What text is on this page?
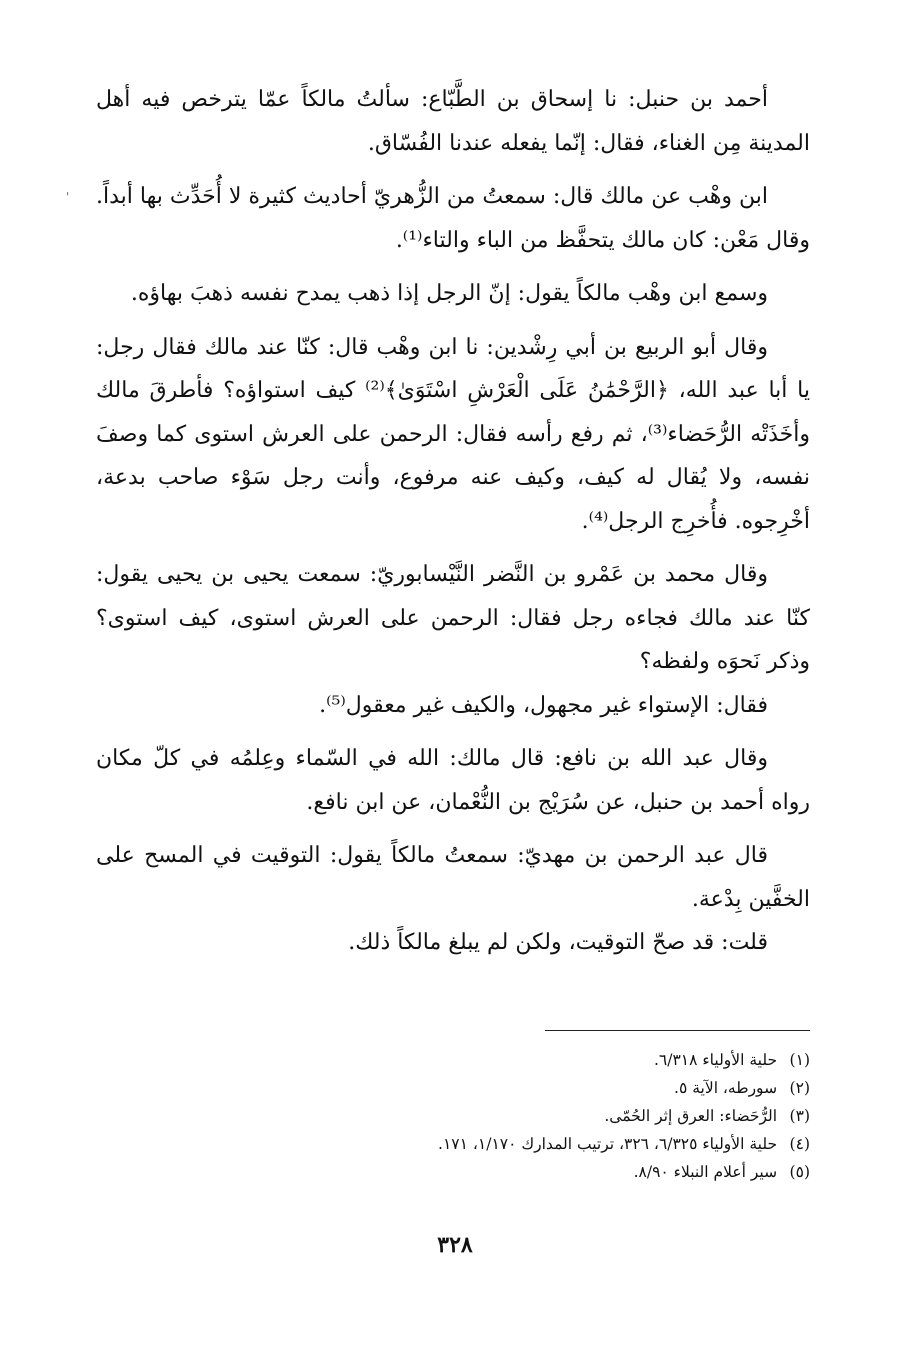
أحمد بن حنبل: نا إسحاق بن الطَّبّاع: سألتُ مالكاً عمّا يترخص فيه أهل المدينة مِن الغناء، فقال: إنّما يفعله عندنا الفُسّاق.

ابن وهْب عن مالك قال: سمعتُ من الزُّهريّ أحاديث كثيرة لا أُحَدِّث بها أبداً. وقال مَعْن: كان مالك يتحفَّظ من الباء والتاء⁽¹⁾.

وسمع ابن وهْب مالكاً يقول: إنّ الرجل إذا ذهب يمدح نفسه ذهبَ بهاؤه.

وقال أبو الربيع بن أبي رِشْدين: نا ابن وهْب قال: كنّا عند مالك فقال رجل: يا أبا عبد الله، ﴿الرَّحْمَٰنُ عَلَى الْعَرْشِ اسْتَوَىٰ﴾⁽²⁾ كيف استواؤه؟ فأطرقَ مالك وأخَذَتْه الرُّحَضاء⁽³⁾، ثم رفع رأسه فقال: الرحمن على العرش استوى كما وصفَ نفسه، ولا يُقال له كيف، وكيف عنه مرفوع، وأنت رجل سَوْء صاحب بدعة، أخْرِجوه. فأُخرِج الرجل⁽⁴⁾.

وقال محمد بن عَمْرو بن النَّضر النَّيْسابوريّ: سمعت يحيى بن يحيى يقول: كنّا عند مالك فجاءه رجل فقال: الرحمن على العرش استوى، كيف استوى؟ وذكر نَحوَه ولفظه؟

فقال: الإستواء غير مجهول، والكيف غير معقول⁽⁵⁾.

وقال عبد الله بن نافع: قال مالك: الله في السّماء وعِلمُه في كلّ مكان رواه أحمد بن حنبل، عن سُرَيْج بن النُّعْمان، عن ابن نافع.

قال عبد الرحمن بن مهديّ: سمعتُ مالكاً يقول: التوقيت في المسح على الخفَّين بِدْعة.

قلت: قد صحّ التوقيت، ولكن لم يبلغ مالكاً ذلك.

(١) حلية الأولياء ٦/٣١٨.
(٢) سورطه، الآية ٥.
(٣) الرُّحَضاء: العرق إثر الحُمّى.
(٤) حلية الأولياء ٦/٣٢٥، ٣٢٦، ترتيب المدارك ١/١٧٠، ١٧١.
(٥) سير أعلام النبلاء ٨/٩٠.
٣٢٨
'
